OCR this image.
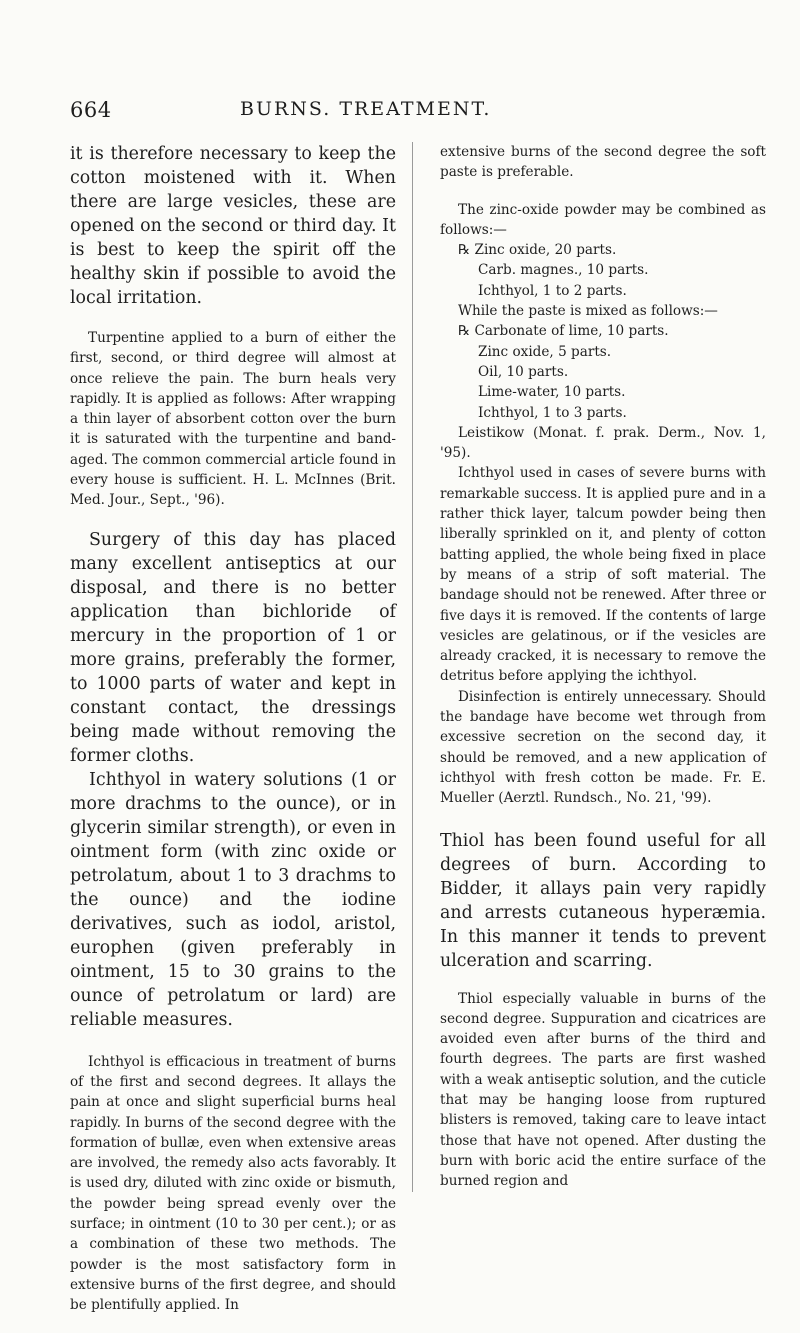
664	BURNS. TREATMENT.

it is therefore necessary to keep the cotton moistened with it. When there are large vesicles, these are opened on the second or third day. It is best to keep the spirit off the healthy skin if possible to avoid the local irritation.

Turpentine applied to a burn of either the first, second, or third degree will almost at once relieve the pain. The burn heals very rapidly. It is applied as follows: After wrapping a thin layer of absorbent cotton over the burn it is saturated with the turpentine and bandaged. The common commercial article found in every house is sufficient. H. L. McInnes (Brit. Med. Jour., Sept., '96).

Surgery of this day has placed many excellent antiseptics at our disposal, and there is no better application than bichloride of mercury in the proportion of 1 or more grains, preferably the former, to 1000 parts of water and kept in constant contact, the dressings being made without removing the former cloths.

Ichthyol in watery solutions (1 or more drachms to the ounce), or in glycerin similar strength), or even in ointment form (with zinc oxide or petrolatum, about 1 to 3 drachms to the ounce) and the iodine derivatives, such as iodol, aristol, europhen (given preferably in ointment, 15 to 30 grains to the ounce of petrolatum or lard) are reliable measures.

Ichthyol is efficacious in treatment of burns of the first and second degrees. It allays the pain at once and slight superficial burns heal rapidly. In burns of the second degree with the formation of bullæ, even when extensive areas are involved, the remedy also acts favorably. It is used dry, diluted with zinc oxide or bismuth, the powder being spread evenly over the surface; in ointment (10 to 30 per cent.); or as a combination of these two methods. The powder is the most satisfactory form in extensive burns of the first degree, and should be plentifully applied. In

extensive burns of the second degree the soft paste is preferable.

The zinc-oxide powder may be combined as follows:—

℞ Zinc oxide, 20 parts.
Carb. magnes., 10 parts.
Ichthyol, 1 to 2 parts.

While the paste is mixed as follows:—

℞ Carbonate of lime, 10 parts.
Zinc oxide, 5 parts.
Oil, 10 parts.
Lime-water, 10 parts.
Ichthyol, 1 to 3 parts.

Leistikow (Monat. f. prak. Derm., Nov. 1, '95).

Ichthyol used in cases of severe burns with remarkable success. It is applied pure and in a rather thick layer, talcum powder being then liberally sprinkled on it, and plenty of cotton batting applied, the whole being fixed in place by means of a strip of soft material. The bandage should not be renewed. After three or five days it is removed. If the contents of large vesicles are gelatinous, or if the vesicles are already cracked, it is necessary to remove the detritus before applying the ichthyol.

Disinfection is entirely unnecessary. Should the bandage have become wet through from excessive secretion on the second day, it should be removed, and a new application of ichthyol with fresh cotton be made. Fr. E. Mueller (Aerztl. Rundsch., No. 21, '99).

Thiol has been found useful for all degrees of burn. According to Bidder, it allays pain very rapidly and arrests cutaneous hyperæmia. In this manner it tends to prevent ulceration and scarring.

Thiol especially valuable in burns of the second degree. Suppuration and cicatrices are avoided even after burns of the third and fourth degrees. The parts are first washed with a weak antiseptic solution, and the cuticle that may be hanging loose from ruptured blisters is removed, taking care to leave intact those that have not opened. After dusting the burn with boric acid the entire surface of the burned region and
